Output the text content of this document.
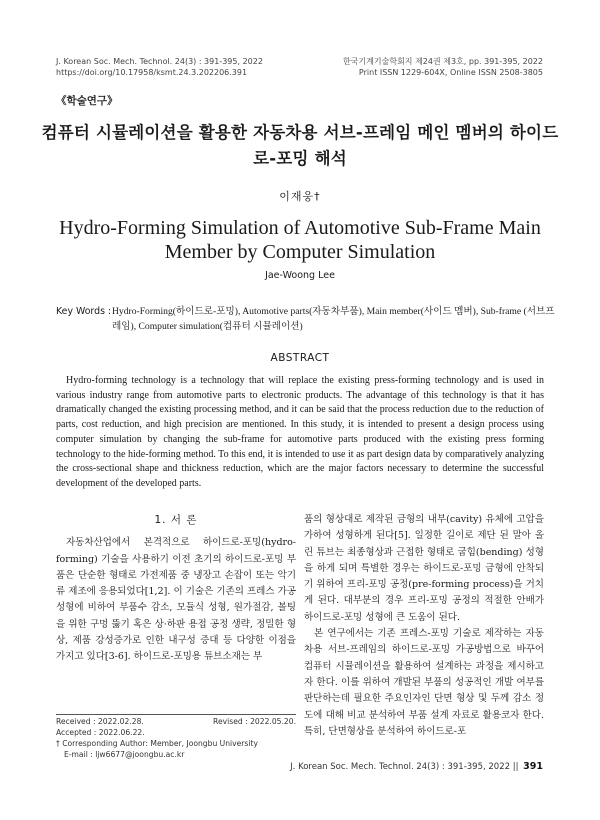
J. Korean Soc. Mech. Technol. 24(3) : 391-395, 2022
https://doi.org/10.17958/ksmt.24.3.202206.391
한국기계기술학회지 제24권 제3호, pp. 391-395, 2022
Print ISSN 1229-604X, Online ISSN 2508-3805
《학술연구》
컴퓨터 시뮬레이션을 활용한 자동차용 서브-프레임 메인 멤버의 하이드로-포밍 해석
이재웅†
Hydro-Forming Simulation of Automotive Sub-Frame Main Member by Computer Simulation
Jae-Woong Lee
Key Words : Hydro-Forming(하이드로-포밍), Automotive parts(자동차부품), Main member(사이드 멤버), Sub-frame (서브프레임), Computer simulation(컴퓨터 시뮬레이션)
ABSTRACT
Hydro-forming technology is a technology that will replace the existing press-forming technology and is used in various industry range from automotive parts to electronic products. The advantage of this technology is that it has dramatically changed the existing processing method, and it can be said that the process reduction due to the reduction of parts, cost reduction, and high precision are mentioned. In this study, it is intended to present a design process using computer simulation by changing the sub-frame for automotive parts produced with the existing press forming technology to the hide-forming method. To this end, it is intended to use it as part design data by comparatively analyzing the cross-sectional shape and thickness reduction, which are the major factors necessary to determine the successful development of the developed parts.
1. 서 론

자동차산업에서 본격적으로 하이드로-포밍(hydro-forming) 기술을 사용하기 이전 초기의 하이드로-포밍 부품은 단순한 형태로 가전제품 중 냉장고 손잡이 또는 악기류 제조에 응용되었다[1,2]. 이 기술은 기존의 프레스 가공 성형에 비하여 부품수 감소, 모듈식 성형, 원가절감, 볼팅을 위한 구멍 뚫기 혹은 상·하판 용접 공정 생략, 정밀한 형상, 제품 강성증가로 인한 내구성 증대 등 다양한 이점을 가지고 있다[3-6]. 하이드로-포밍용 튜브소재는 부

품의 형상대로 제작된 금형의 내부(cavity) 유체에 고압을 가하여 성형하게 된다[5]. 일정한 길이로 제단 된 말아 올린 튜브는 최종형상과 근접한 형태로 굽힘(bending) 성형을 하게 되며 특별한 경우는 하이드로-포밍 금형에 안착되기 위하여 프리-포밍 공정(pre-forming process)을 거치게 된다. 대부분의 경우 프리-포밍 공정의 적절한 안배가 하이드로-포밍 성형에 큰 도움이 된다.

본 연구에서는 기존 프레스-포밍 기술로 제작하는 자동차용 서브-프레임의 하이드로-포밍 가공방법으로 바꾸어 컴퓨터 시뮬레이션을 활용하여 설계하는 과정을 제시하고자 한다. 이를 위하여 개발된 부품의 성공적인 개발 여부를 판단하는데 필요한 주요인자인 단면 형상 및 두께 감소 정도에 대해 비교 분석하여 부품 설계 자료로 활용코자 한다. 특히, 단면형상을 분석하여 하이드로-포

Received : 2022.02.28.	Revised : 2022.05.20.
Accepted : 2022.06.22.
† Corresponding Author: Member, Joongbu University
E-mail : ljw6677@joongbu.ac.kr
J. Korean Soc. Mech. Technol. 24(3) : 391-395, 2022 || 391
